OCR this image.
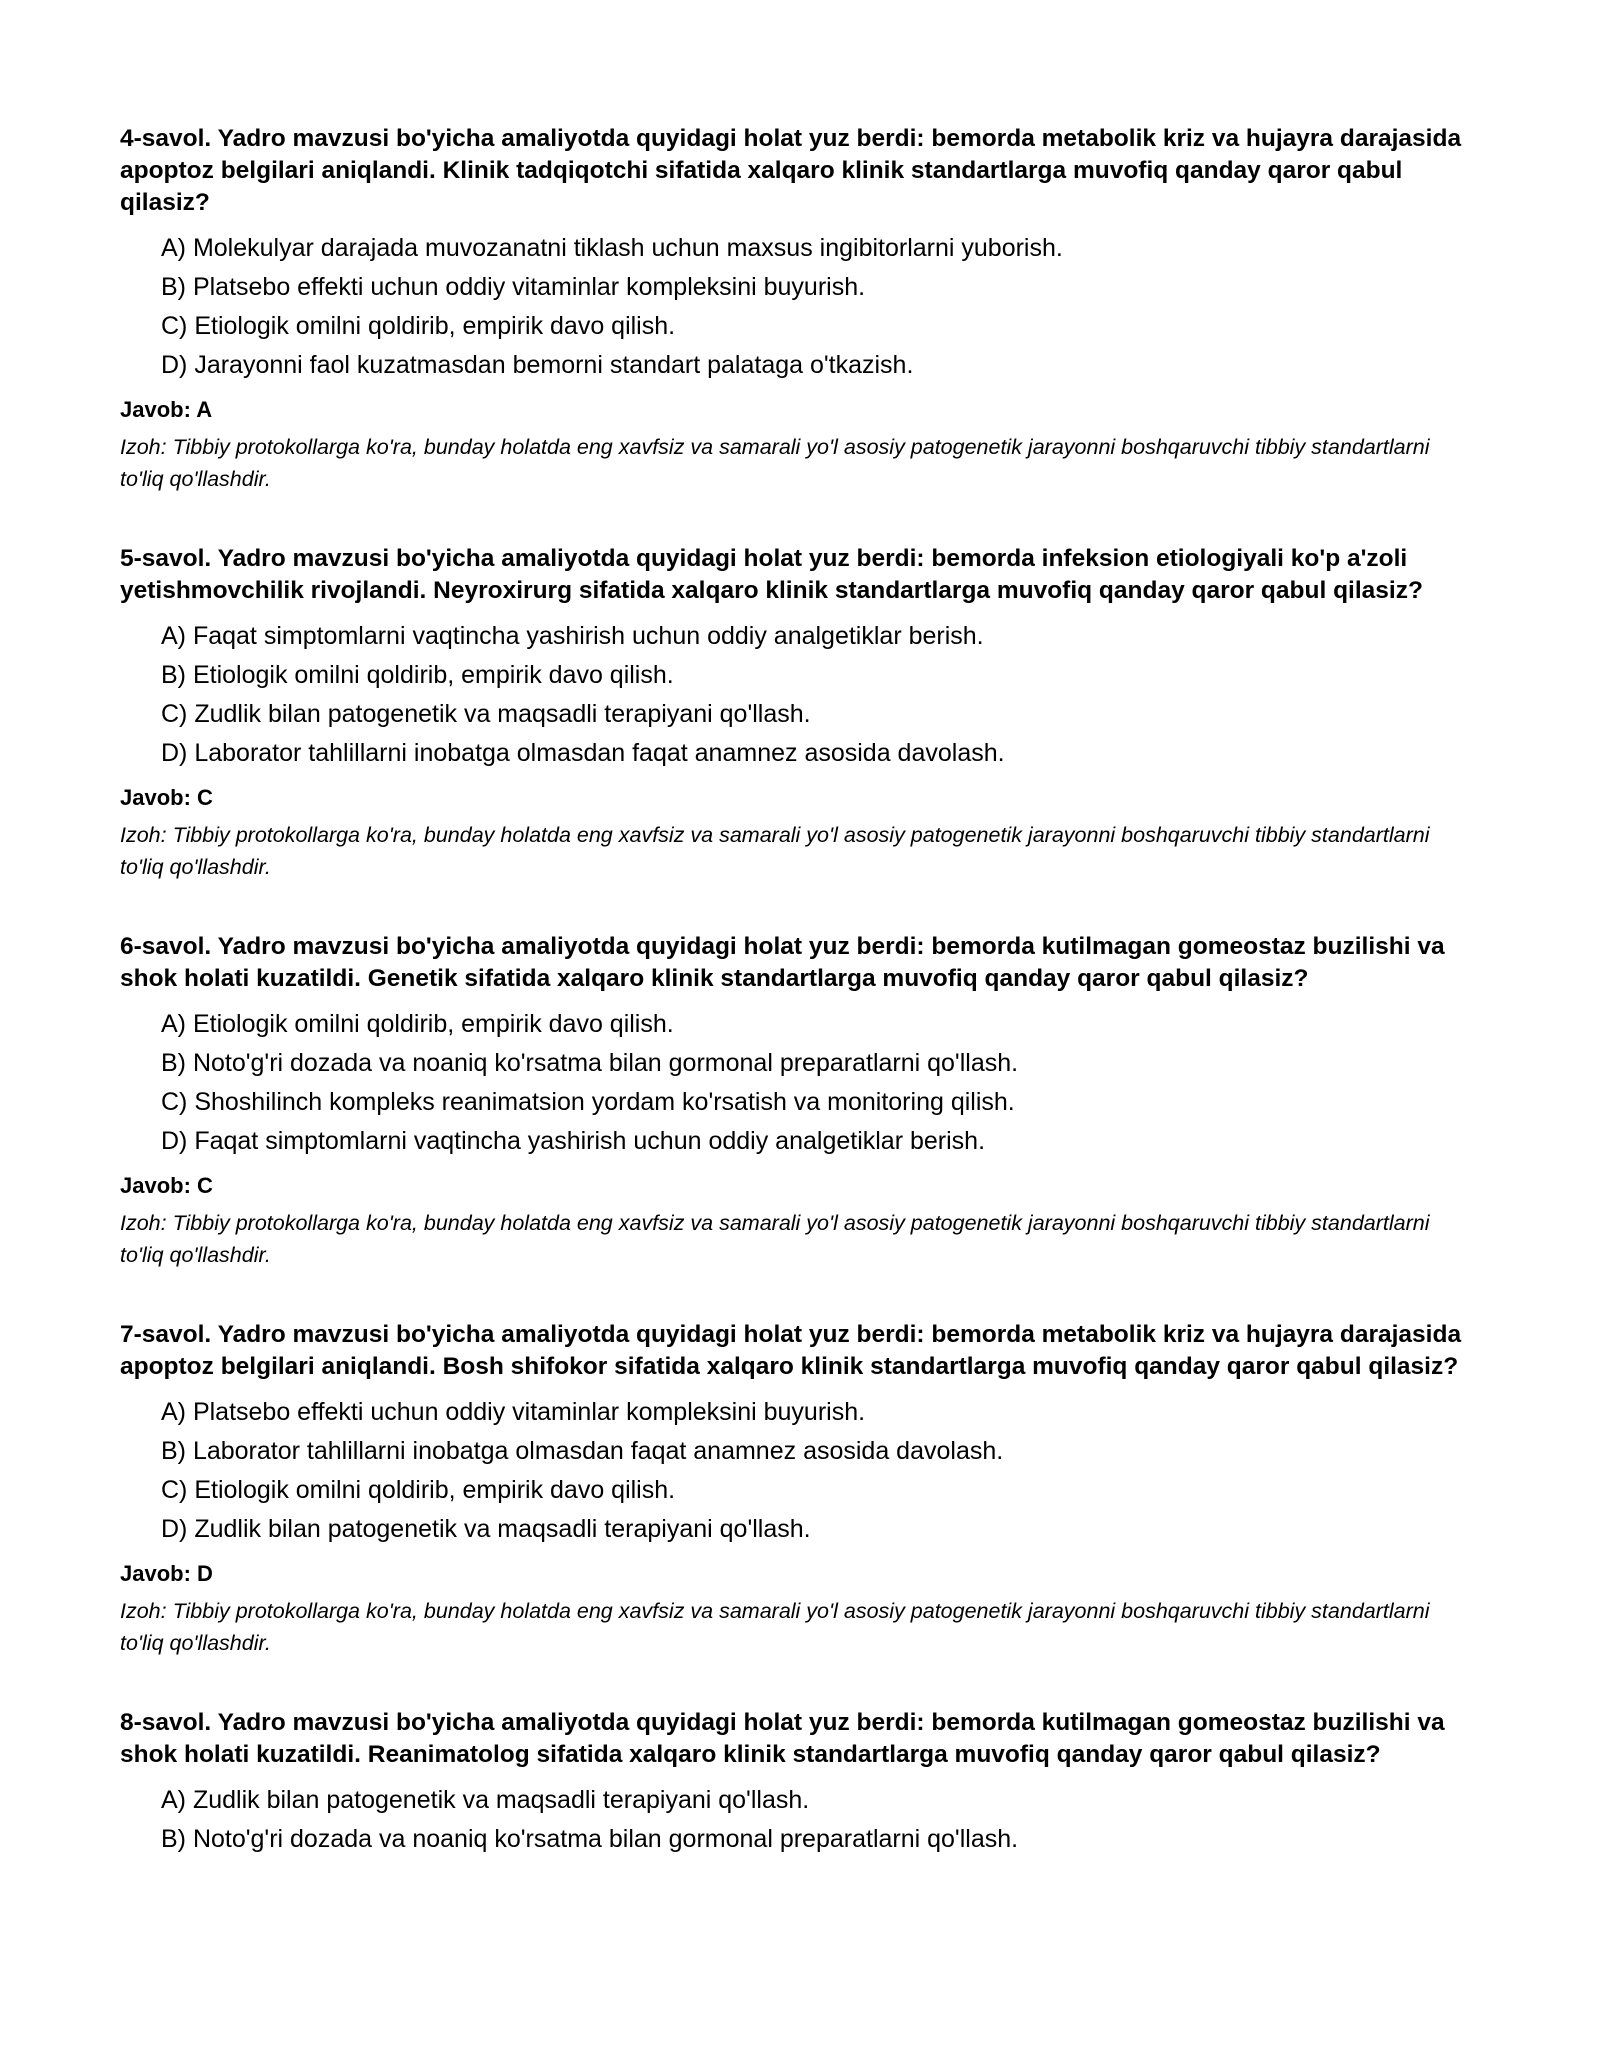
4-savol. Yadro mavzusi bo'yicha amaliyotda quyidagi holat yuz berdi: bemorda metabolik kriz va hujayra darajasida apoptoz belgilari aniqlandi. Klinik tadqiqotchi sifatida xalqaro klinik standartlarga muvofiq qanday qaror qabul qilasiz?

A) Molekulyar darajada muvozanatni tiklash uchun maxsus ingibitorlarni yuborish.
B) Platsebo effekti uchun oddiy vitaminlar kompleksini buyurish.
C) Etiologik omilni qoldirib, empirik davo qilish.
D) Jarayonni faol kuzatmasdan bemorni standart palataga o'tkazish.

Javob: A

Izoh: Tibbiy protokollarga ko'ra, bunday holatda eng xavfsiz va samarali yo'l asosiy patogenetik jarayonni boshqaruvchi tibbiy standartlarni to'liq qo'llashdir.

5-savol. Yadro mavzusi bo'yicha amaliyotda quyidagi holat yuz berdi: bemorda infeksion etiologiyali ko'p a'zoli yetishmovchilik rivojlandi. Neyroxirurg sifatida xalqaro klinik standartlarga muvofiq qanday qaror qabul qilasiz?

A) Faqat simptomlarni vaqtincha yashirish uchun oddiy analgetiklar berish.
B) Etiologik omilni qoldirib, empirik davo qilish.
C) Zudlik bilan patogenetik va maqsadli terapiyani qo'llash.
D) Laborator tahlillarni inobatga olmasdan faqat anamnez asosida davolash.

Javob: C

Izoh: Tibbiy protokollarga ko'ra, bunday holatda eng xavfsiz va samarali yo'l asosiy patogenetik jarayonni boshqaruvchi tibbiy standartlarni to'liq qo'llashdir.

6-savol. Yadro mavzusi bo'yicha amaliyotda quyidagi holat yuz berdi: bemorda kutilmagan gomeostaz buzilishi va shok holati kuzatildi. Genetik sifatida xalqaro klinik standartlarga muvofiq qanday qaror qabul qilasiz?

A) Etiologik omilni qoldirib, empirik davo qilish.
B) Noto'g'ri dozada va noaniq ko'rsatma bilan gormonal preparatlarni qo'llash.
C) Shoshilinch kompleks reanimatsion yordam ko'rsatish va monitoring qilish.
D) Faqat simptomlarni vaqtincha yashirish uchun oddiy analgetiklar berish.

Javob: C

Izoh: Tibbiy protokollarga ko'ra, bunday holatda eng xavfsiz va samarali yo'l asosiy patogenetik jarayonni boshqaruvchi tibbiy standartlarni to'liq qo'llashdir.

7-savol. Yadro mavzusi bo'yicha amaliyotda quyidagi holat yuz berdi: bemorda metabolik kriz va hujayra darajasida apoptoz belgilari aniqlandi. Bosh shifokor sifatida xalqaro klinik standartlarga muvofiq qanday qaror qabul qilasiz?

A) Platsebo effekti uchun oddiy vitaminlar kompleksini buyurish.
B) Laborator tahlillarni inobatga olmasdan faqat anamnez asosida davolash.
C) Etiologik omilni qoldirib, empirik davo qilish.
D) Zudlik bilan patogenetik va maqsadli terapiyani qo'llash.

Javob: D

Izoh: Tibbiy protokollarga ko'ra, bunday holatda eng xavfsiz va samarali yo'l asosiy patogenetik jarayonni boshqaruvchi tibbiy standartlarni to'liq qo'llashdir.

8-savol. Yadro mavzusi bo'yicha amaliyotda quyidagi holat yuz berdi: bemorda kutilmagan gomeostaz buzilishi va shok holati kuzatildi. Reanimatolog sifatida xalqaro klinik standartlarga muvofiq qanday qaror qabul qilasiz?

A) Zudlik bilan patogenetik va maqsadli terapiyani qo'llash.
B) Noto'g'ri dozada va noaniq ko'rsatma bilan gormonal preparatlarni qo'llash.
